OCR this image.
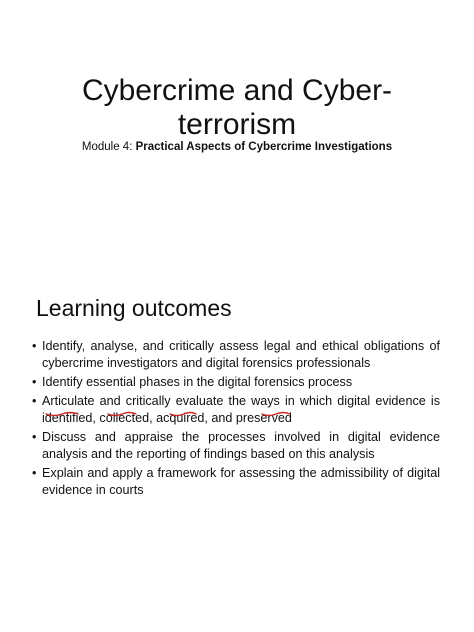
Cybercrime and Cyber-
terrorism

Module 4: Practical Aspects of Cybercrime Investigations

Learning outcomes
• Identify, analyse, and critically assess legal and ethical obligations of cybercrime investigators and digital forensics professionals
• Identify essential phases in the digital forensics process
• Articulate and critically evaluate the ways in which digital evidence is identified, collected, acquired, and preserved
• Discuss and appraise the processes involved in digital evidence analysis and the reporting of findings based on this analysis
• Explain and apply a framework for assessing the admissibility of digital evidence in courts
